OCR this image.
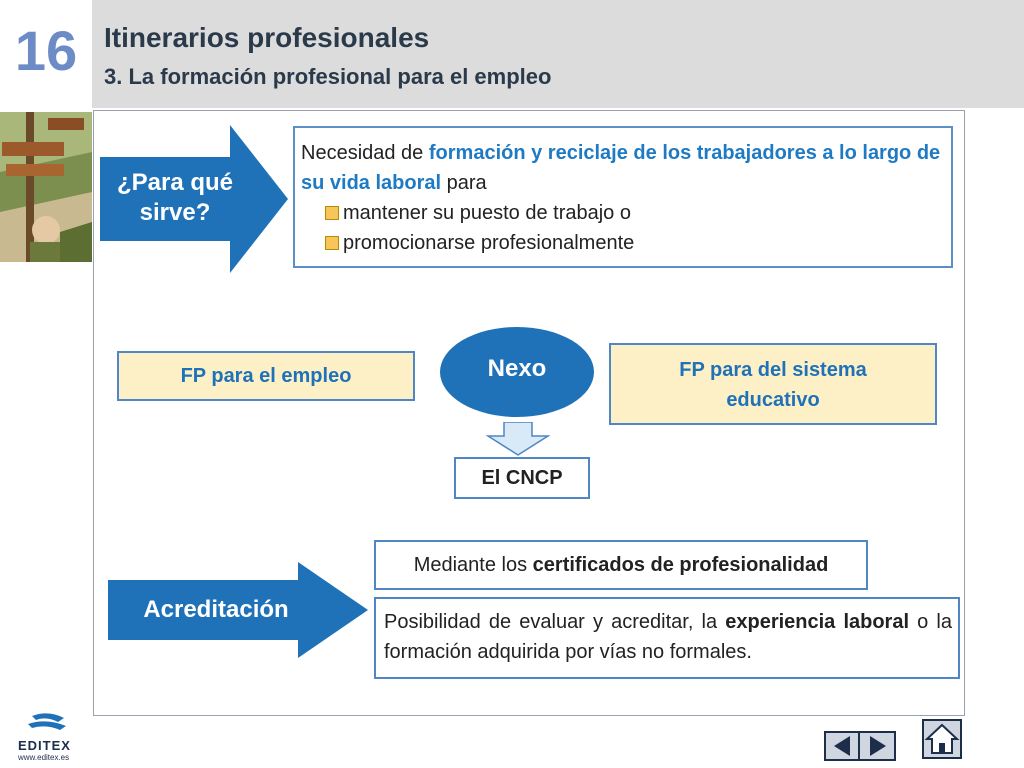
16 Itinerarios profesionales
3. La formación profesional para el empleo
¿Para qué sirve?
Necesidad de formación y reciclaje de los trabajadores a lo largo de su vida laboral para
mantener su puesto de trabajo o
promocionarse profesionalmente
FP para el empleo	Nexo	FP para del sistema educativo
El CNCP
Acreditación
Mediante los certificados de profesionalidad
Posibilidad de evaluar y acreditar, la experiencia laboral o la formación adquirida por vías no formales.
EDITEX
www.editex.es
